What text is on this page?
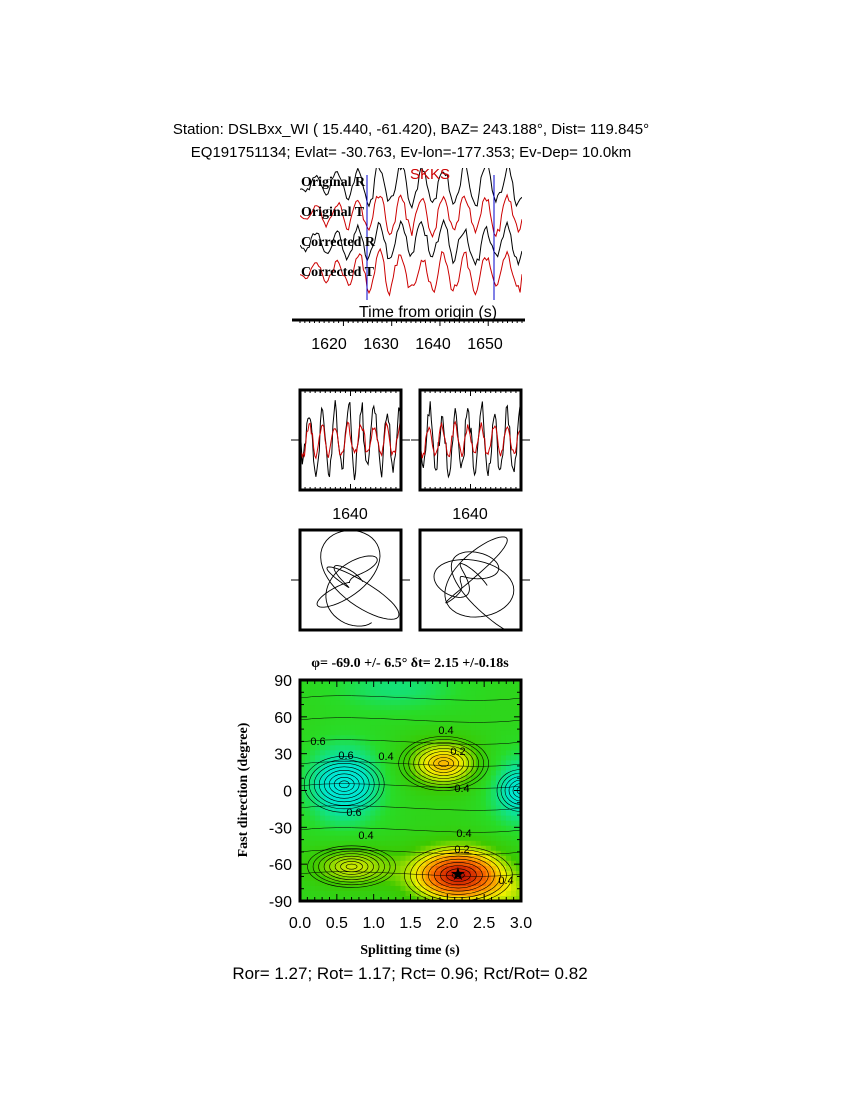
Station: DSLBxx_WI ( 15.440, -61.420), BAZ= 243.188°, Dist= 119.845°
EQ191751134; Evlat= -30.763, Ev-lon=-177.353; Ev-Dep= 10.0km
Original R
Original T
Corrected R
Corrected T
SKKS
Time from origin (s)
1620 1630 1640 1650
1640	1640
φ= -69.0 +/- 6.5° δt= 2.15 +/-0.18s
0.4
0.2
0.6
0.6 0.4
0.4
0.6
0.4	0.4
0.2
0.4
★
0.0 0.5 1.0 1.5 2.0 2.5 3.0
90
60
30
0
-30
-60
-90
Splitting time (s)
Fast direction (degree)
Ror= 1.27; Rot= 1.17; Rct= 0.96; Rct/Rot= 0.82
